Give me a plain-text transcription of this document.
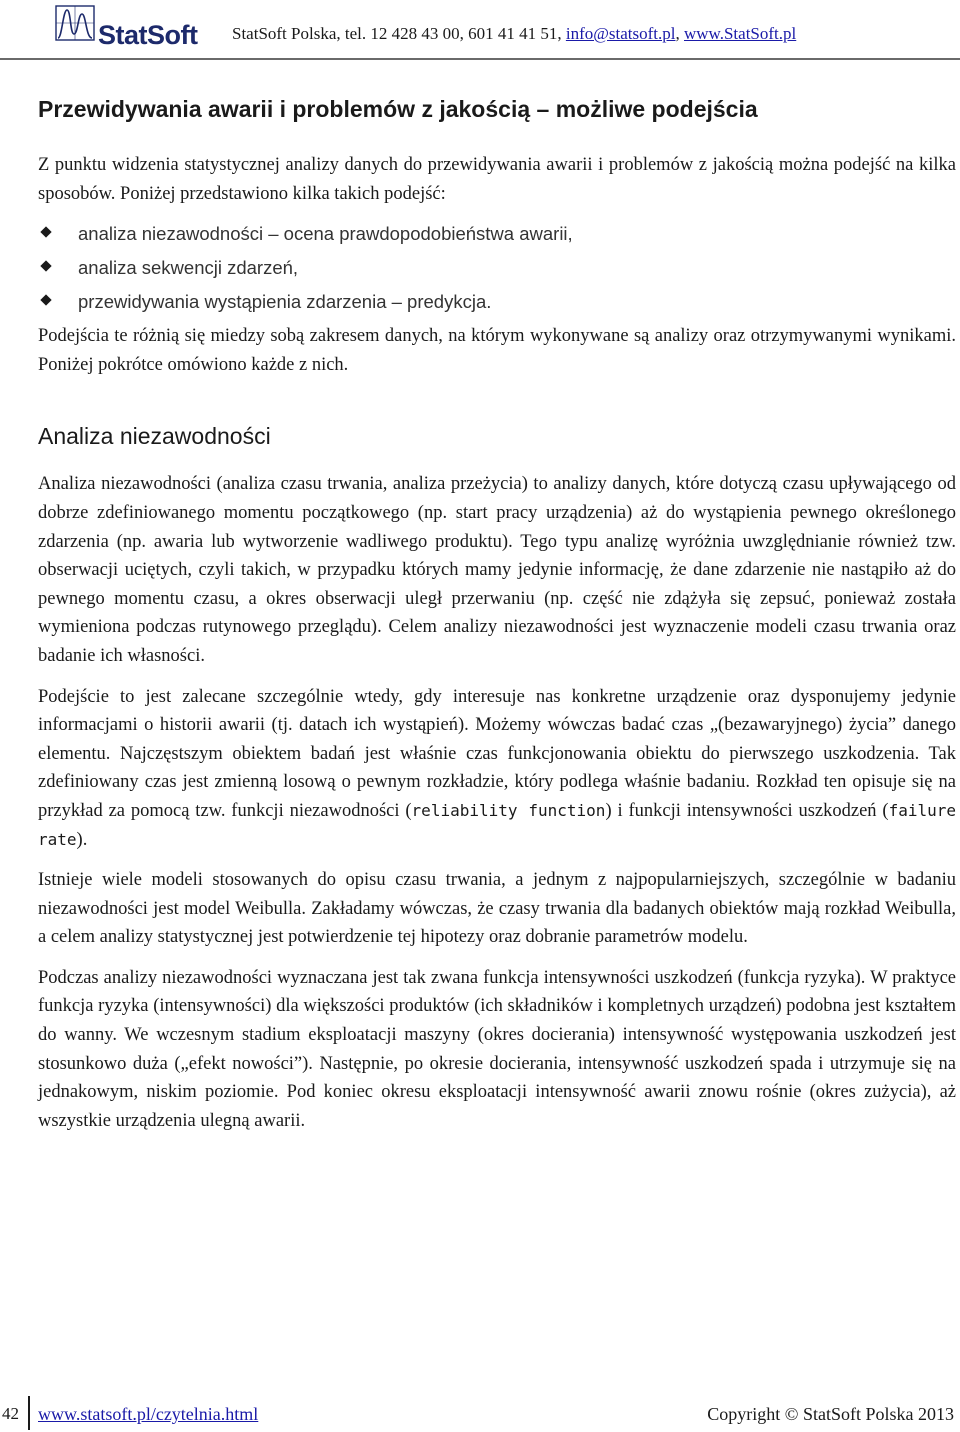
StatSoft StatSoft Polska, tel. 12 428 43 00, 601 41 41 51, info@statsoft.pl, www.StatSoft.pl
Przewidywania awarii i problemów z jakością – możliwe podejścia

Z punktu widzenia statystycznej analizy danych do przewidywania awarii i problemów z jakością można podejść na kilka sposobów. Poniżej przedstawiono kilka takich podejść:

analiza niezawodności – ocena prawdopodobieństwa awarii,
analiza sekwencji zdarzeń,
przewidywania wystąpienia zdarzenia – predykcja.

Podejścia te różnią się miedzy sobą zakresem danych, na którym wykonywane są analizy oraz otrzymywanymi wynikami. Poniżej pokrótce omówiono każde z nich.

Analiza niezawodności

Analiza niezawodności (analiza czasu trwania, analiza przeżycia) to analizy danych, które dotyczą czasu upływającego od dobrze zdefiniowanego momentu początkowego (np. start pracy urządzenia) aż do wystąpienia pewnego określonego zdarzenia (np. awaria lub wytworzenie wadliwego produktu). Tego typu analizę wyróżnia uwzględnianie również tzw. obserwacji uciętych, czyli takich, w przypadku których mamy jedynie informację, że dane zdarzenie nie nastąpiło aż do pewnego momentu czasu, a okres obserwacji uległ przerwaniu (np. część nie zdążyła się zepsuć, ponieważ została wymieniona podczas rutynowego przeglądu). Celem analizy niezawodności jest wyznaczenie modeli czasu trwania oraz badanie ich własności.

Podejście to jest zalecane szczególnie wtedy, gdy interesuje nas konkretne urządzenie oraz dysponujemy jedynie informacjami o historii awarii (tj. datach ich wystąpień). Możemy wówczas badać czas „(bezawaryjnego) życia” danego elementu. Najczęstszym obiektem badań jest właśnie czas funkcjonowania obiektu do pierwszego uszkodzenia. Tak zdefiniowany czas jest zmienną losową o pewnym rozkładzie, który podlega właśnie badaniu. Rozkład ten opisuje się na przykład za pomocą tzw. funkcji niezawodności (reliability function) i funkcji intensywności uszkodzeń (failure rate).

Istnieje wiele modeli stosowanych do opisu czasu trwania, a jednym z najpopularniejszych, szczególnie w badaniu niezawodności jest model Weibulla. Zakładamy wówczas, że czasy trwania dla badanych obiektów mają rozkład Weibulla, a celem analizy statystycznej jest potwierdzenie tej hipotezy oraz dobranie parametrów modelu.

Podczas analizy niezawodności wyznaczana jest tak zwana funkcja intensywności uszkodzeń (funkcja ryzyka). W praktyce funkcja ryzyka (intensywności) dla większości produktów (ich składników i kompletnych urządzeń) podobna jest kształtem do wanny. We wczesnym stadium eksploatacji maszyny (okres docierania) intensywność występowania uszkodzeń jest stosunkowo duża („efekt nowości”). Następnie, po okresie docierania, intensywność uszkodzeń spada i utrzymuje się na jednakowym, niskim poziomie. Pod koniec okresu eksploatacji intensywność awarii znowu rośnie (okres zużycia), aż wszystkie urządzenia ulegną awarii.

42 www.statsoft.pl/czytelnia.html	Copyright © StatSoft Polska 2013
